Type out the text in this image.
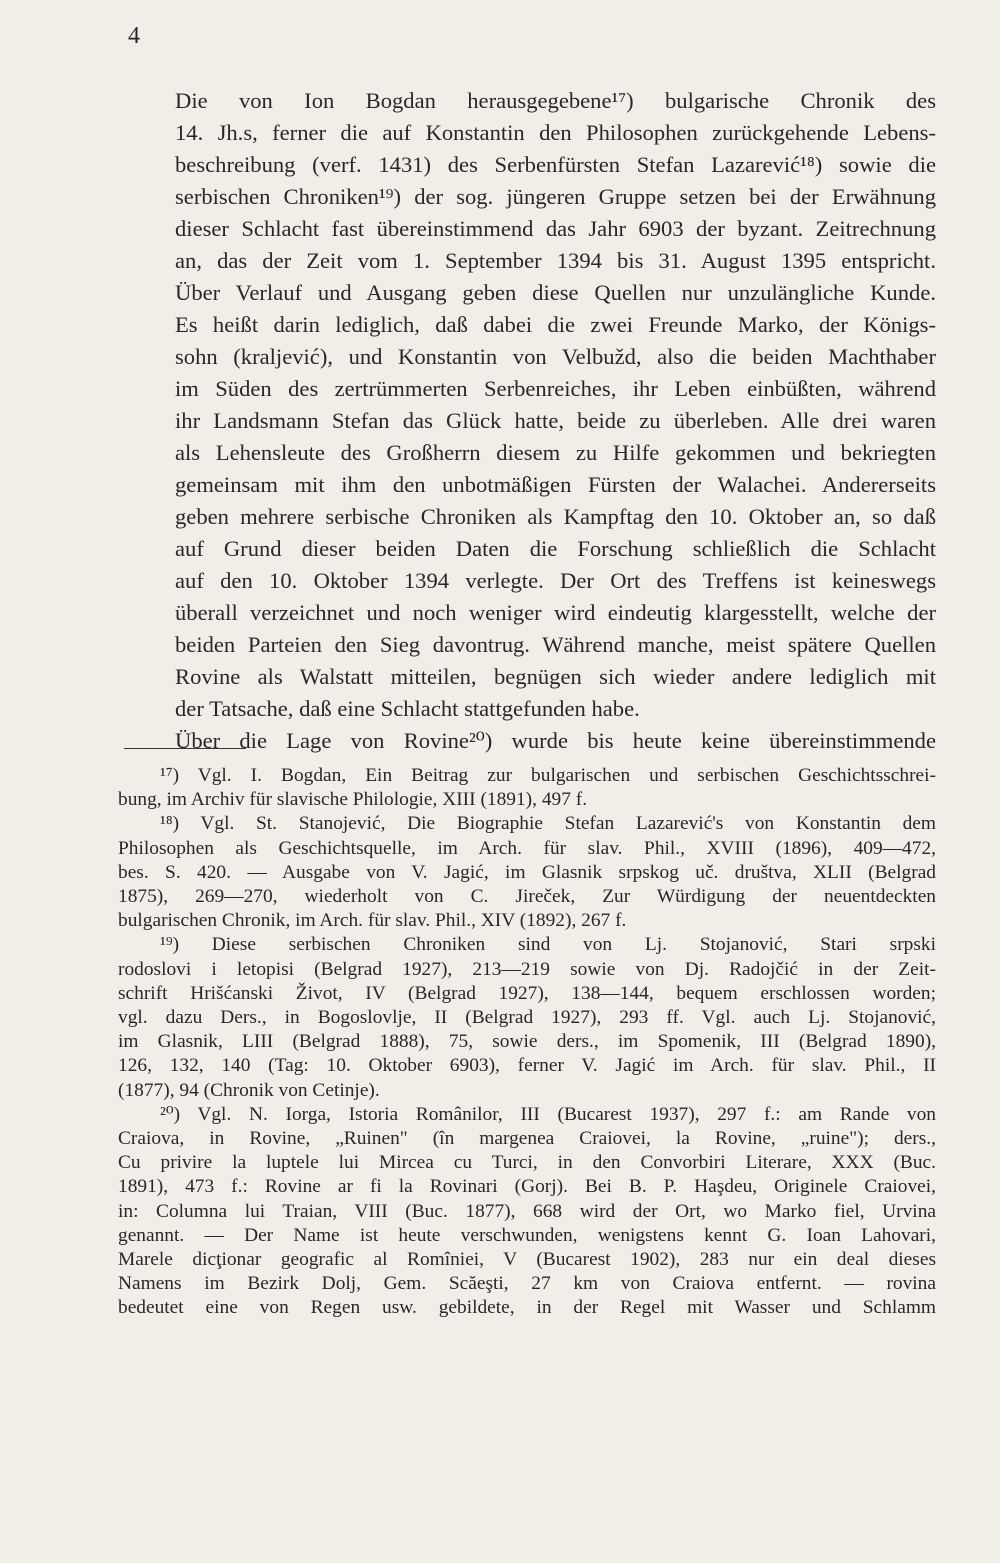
4

Die von Ion Bogdan herausgegebene¹⁷) bulgarische Chronik des
14. Jh.s, ferner die auf Konstantin den Philosophen zurückgehende Lebens-
beschreibung (verf. 1431) des Serbenfürsten Stefan Lazarević¹⁸) sowie die
serbischen Chroniken¹⁹) der sog. jüngeren Gruppe setzen bei der Erwähnung
dieser Schlacht fast übereinstimmend das Jahr 6903 der byzant. Zeitrechnung
an, das der Zeit vom 1. September 1394 bis 31. August 1395 entspricht.
Über Verlauf und Ausgang geben diese Quellen nur unzulängliche Kunde.
Es heißt darin lediglich, daß dabei die zwei Freunde Marko, der Königs-
sohn (kraljević), und Konstantin von Velbužd, also die beiden Machthaber
im Süden des zertrümmerten Serbenreiches, ihr Leben einbüßten, während
ihr Landsmann Stefan das Glück hatte, beide zu überleben. Alle drei waren
als Lehensleute des Großherrn diesem zu Hilfe gekommen und bekriegten
gemeinsam mit ihm den unbotmäßigen Fürsten der Walachei. Andererseits
geben mehrere serbische Chroniken als Kampftag den 10. Oktober an, so daß
auf Grund dieser beiden Daten die Forschung schließlich die Schlacht
auf den 10. Oktober 1394 verlegte. Der Ort des Treffens ist keineswegs
überall verzeichnet und noch weniger wird eindeutig klargesstellt, welche der
beiden Parteien den Sieg davontrug. Während manche, meist spätere Quellen
Rovine als Walstatt mitteilen, begnügen sich wieder andere lediglich mit
der Tatsache, daß eine Schlacht stattgefunden habe.

Über die Lage von Rovine²⁰) wurde bis heute keine übereinstimmende

¹⁷) Vgl. I. Bogdan, Ein Beitrag zur bulgarischen und serbischen Geschichtsschrei-
bung, im Archiv für slavische Philologie, XIII (1891), 497 f.
¹⁸) Vgl. St. Stanojević, Die Biographie Stefan Lazarević's von Konstantin dem
Philosophen als Geschichtsquelle, im Arch. für slav. Phil., XVIII (1896), 409—472,
bes. S. 420. — Ausgabe von V. Jagić, im Glasnik srpskog uč. društva, XLII (Belgrad
1875), 269—270, wiederholt von C. Jireček, Zur Würdigung der neuentdeckten
bulgarischen Chronik, im Arch. für slav. Phil., XIV (1892), 267 f.
¹⁹) Diese serbischen Chroniken sind von Lj. Stojanović, Stari srpski
rodoslovi i letopisi (Belgrad 1927), 213—219 sowie von Dj. Radojčić in der Zeit-
schrift Hrišćanski Život, IV (Belgrad 1927), 138—144, bequem erschlossen worden;
vgl. dazu Ders., in Bogoslovlje, II (Belgrad 1927), 293 ff. Vgl. auch Lj. Stojanović,
im Glasnik, LIII (Belgrad 1888), 75, sowie ders., im Spomenik, III (Belgrad 1890),
126, 132, 140 (Tag: 10. Oktober 6903), ferner V. Jagić im Arch. für slav. Phil., II
(1877), 94 (Chronik von Cetinje).
²⁰) Vgl. N. Iorga, Istoria Românilor, III (Bucarest 1937), 297 f.: am Rande von
Craiova, in Rovine, „Ruinen" (în margenea Craiovei, la Rovine, „ruine"); ders.,
Cu privire la luptele lui Mircea cu Turci, in den Convorbiri Literare, XXX (Buc.
1891), 473 f.: Rovine ar fi la Rovinari (Gorj). Bei B. P. Haşdeu, Originele Craiovei,
in: Columna lui Traian, VIII (Buc. 1877), 668 wird der Ort, wo Marko fiel, Urvina
genannt. — Der Name ist heute verschwunden, wenigstens kennt G. Ioan Lahovari,
Marele dicţionar geografic al Romîniei, V (Bucarest 1902), 283 nur ein deal dieses
Namens im Bezirk Dolj, Gem. Scăeşti, 27 km von Craiova entfernt. — rovina
bedeutet eine von Regen usw. gebildete, in der Regel mit Wasser und Schlamm
